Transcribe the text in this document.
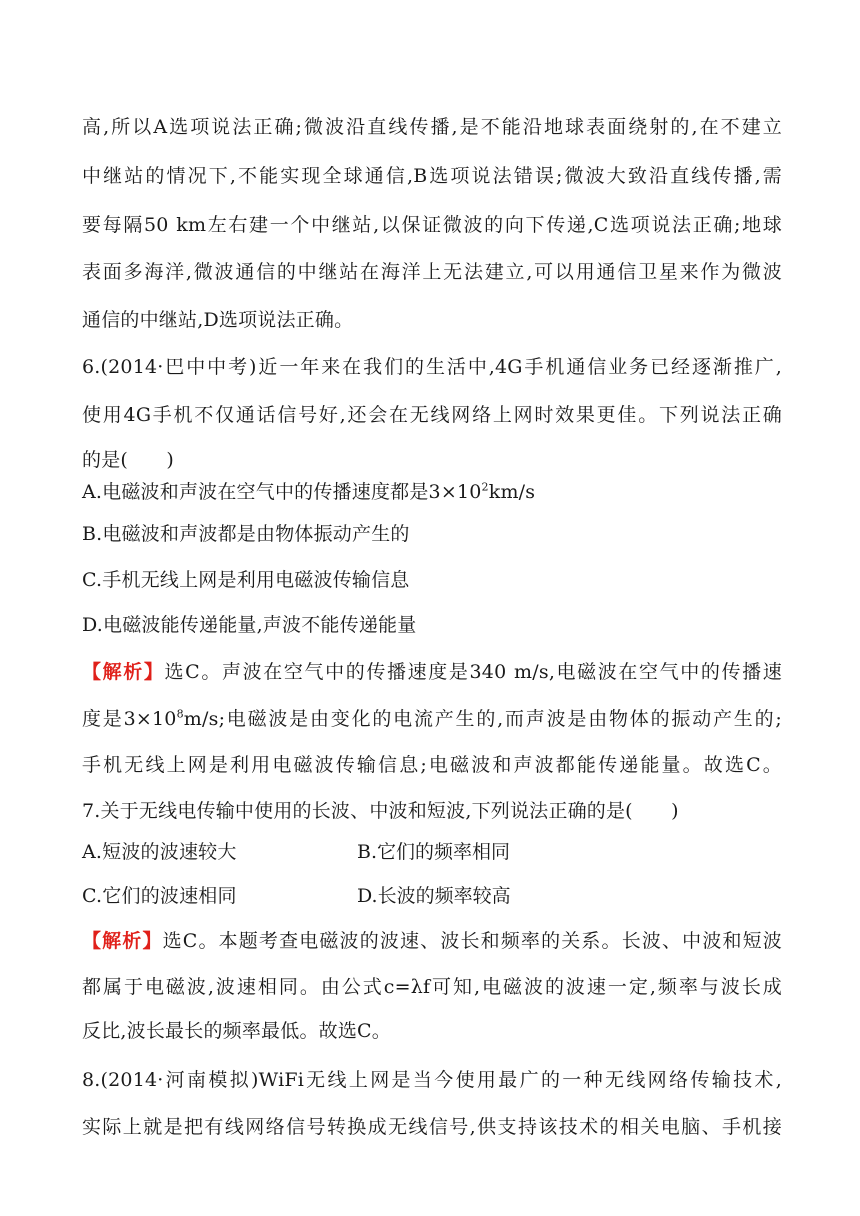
高,所以A选项说法正确;微波沿直线传播,是不能沿地球表面绕射的,在不建立
中继站的情况下,不能实现全球通信,B选项说法错误;微波大致沿直线传播,需
要每隔50 km左右建一个中继站,以保证微波的向下传递,C选项说法正确;地球
表面多海洋,微波通信的中继站在海洋上无法建立,可以用通信卫星来作为微波
通信的中继站,D选项说法正确。
6.(2014·巴中中考)近一年来在我们的生活中,4G手机通信业务已经逐渐推广,
使用4G手机不仅通话信号好,还会在无线网络上网时效果更佳。下列说法正确
的是(　　)
A.电磁波和声波在空气中的传播速度都是$3\times 10^2km/s$
B.电磁波和声波都是由物体振动产生的
C.手机无线上网是利用电磁波传输信息
D.电磁波能传递能量,声波不能传递能量
【解析】选C。声波在空气中的传播速度是340 m/s,电磁波在空气中的传播速
度是$3\times 10^8m/s$;电磁波是由变化的电流产生的,而声波是由物体的振动产生的;
手机无线上网是利用电磁波传输信息;电磁波和声波都能传递能量。故选C。
7.关于无线电传输中使用的长波、中波和短波,下列说法正确的是(　　)
A.短波的波速较大	B.它们的频率相同
C.它们的波速相同	D.长波的频率较高
【解析】选C。本题考查电磁波的波速、波长和频率的关系。长波、中波和短波
都属于电磁波,波速相同。由公式c=λf可知,电磁波的波速一定,频率与波长成
反比,波长最长的频率最低。故选C。
8.(2014·河南模拟)WiFi无线上网是当今使用最广的一种无线网络传输技术,
实际上就是把有线网络信号转换成无线信号,供支持该技术的相关电脑、手机接
